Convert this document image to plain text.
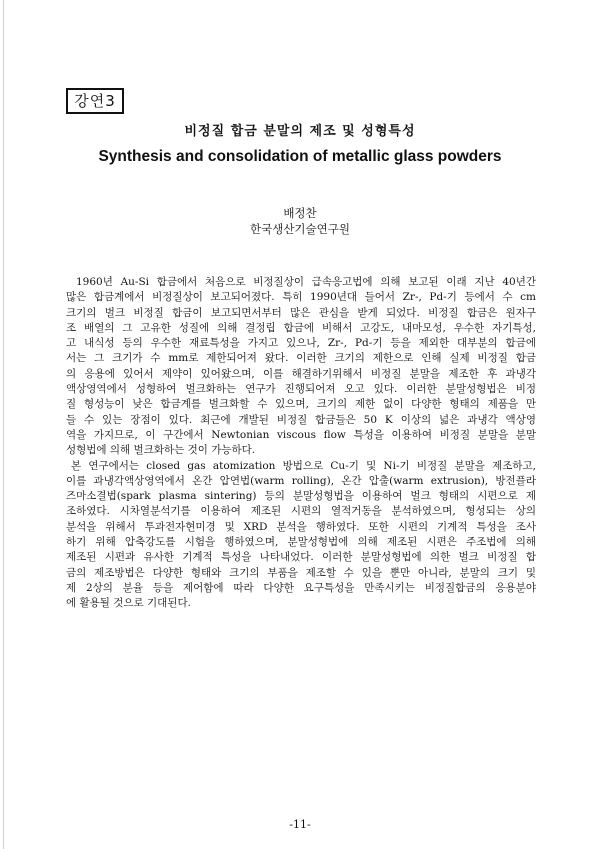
강연3
비정질 합금 분말의 제조 및 성형특성
Synthesis and consolidation of metallic glass powders
배정찬
한국생산기술연구원
1960년 Au-Si 합금에서 처음으로 비정질상이 급속응고법에 의해 보고된 이래 지난 40년간
많은 합금계에서 비정질상이 보고되어졌다. 특히 1990년대 들어서 Zr-, Pd-기 등에서 수 cm
크기의 벌크 비정질 합금이 보고되면서부터 많은 관심을 받게 되었다. 비정질 합금은 원자구
조 배열의 그 고유한 성질에 의해 결정립 합금에 비해서 고강도, 내마모성, 우수한 자기특성,
고 내식성 등의 우수한 재료특성을 가지고 있으나, Zr-, Pd-기 등을 제외한 대부분의 합금에
서는 그 크기가 수 mm로 제한되어져 왔다. 이러한 크기의 제한으로 인해 실제 비정질 합금
의 응용에 있어서 제약이 있어왔으며, 이를 해결하기위해서 비정질 분말을 제조한 후 과냉각
액상영역에서 성형하여 벌크화하는 연구가 진행되어져 오고 있다. 이러한 분말성형법은 비정
질 형성능이 낮은 합금계를 벌크화할 수 있으며, 크기의 제한 없이 다양한 형태의 제품을 만
들 수 있는 장점이 있다. 최근에 개발된 비정질 합금들은 50 K 이상의 넓은 과냉각 액상영
역을 가지므로, 이 구간에서 Newtonian viscous flow 특성을 이용하여 비정질 분말을 분말
성형법에 의해 벌크화하는 것이 가능하다.
본 연구에서는 closed gas atomization 방법으로 Cu-기 및 Ni-기 비정질 분말을 제조하고,
이를 과냉각액상영역에서 온간 압연법(warm rolling), 온간 압출(warm extrusion), 방전플라
즈마소결법(spark plasma sintering) 등의 분말성형법을 이용하여 벌크 형태의 시편으로 제
조하였다. 시차열분석기를 이용하여 제조된 시편의 열적거동을 분석하였으며, 형성되는 상의
분석을 위해서 투과전자현미경 및 XRD 분석을 행하였다. 또한 시편의 기계적 특성을 조사
하기 위해 압축강도를 시험을 행하였으며, 분말성형법에 의해 제조된 시편은 주조법에 의해
제조된 시편과 유사한 기계적 특성을 나타내었다. 이러한 분말성형법에 의한 벌크 비정질 합
금의 제조방법은 다양한 형태와 크기의 부품을 제조할 수 있을 뿐만 아니라, 분말의 크기 및
제 2상의 분율 등을 제어함에 따라 다양한 요구특성을 만족시키는 비정질합금의 응용분야
에 활용될 것으로 기대된다.
-11-
